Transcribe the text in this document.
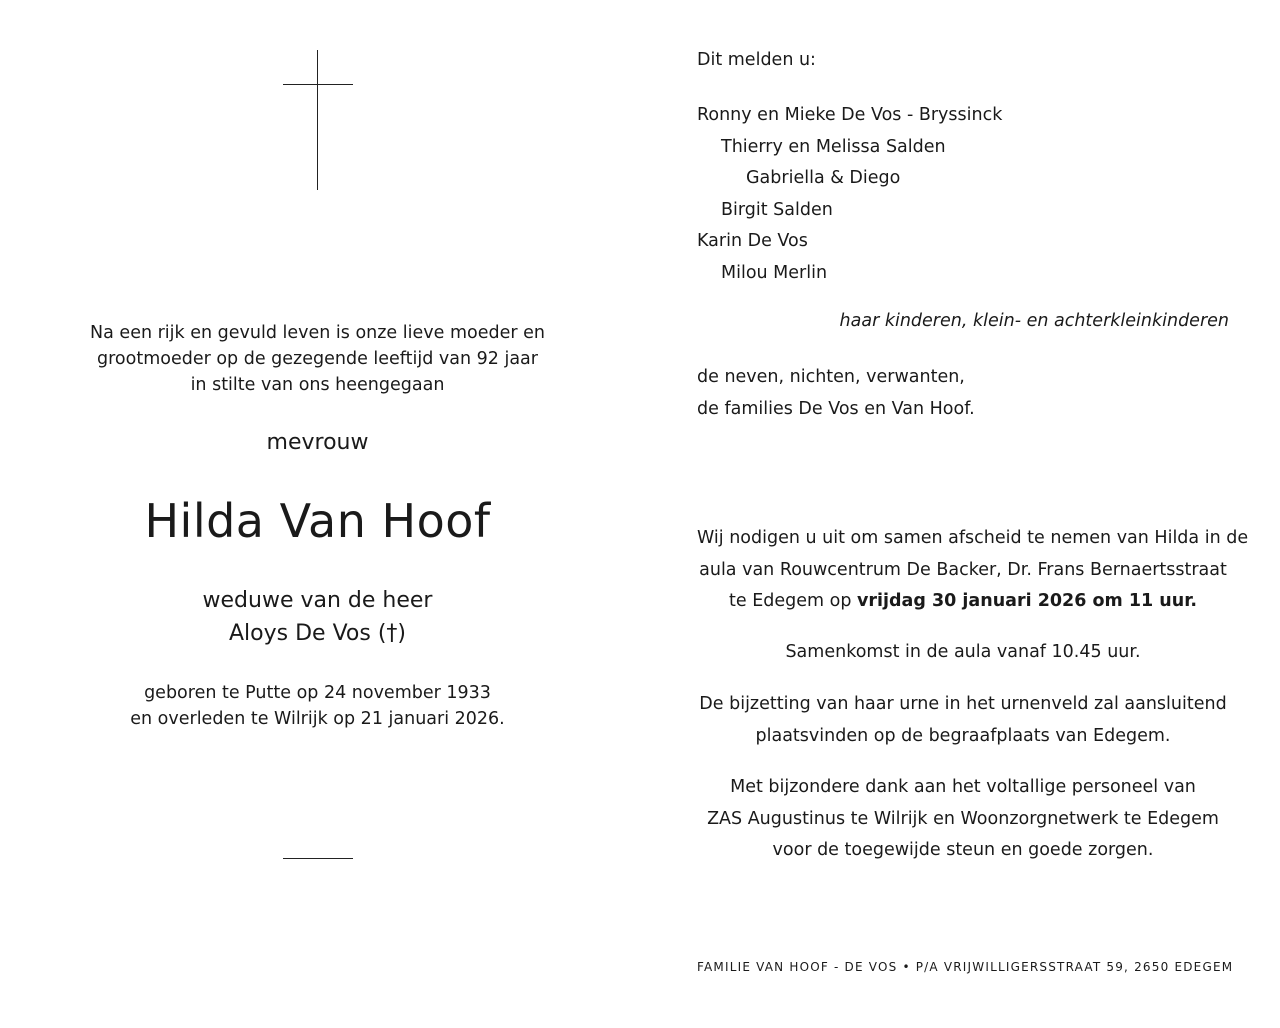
Na een rijk en gevuld leven is onze lieve moeder en
grootmoeder op de gezegende leeftijd van 92 jaar
in stilte van ons heengegaan
mevrouw
Hilda Van Hoof
weduwe van de heer
Aloys De Vos (†)
geboren te Putte op 24 november 1933
en overleden te Wilrijk op 21 januari 2026.
Dit melden u:
Ronny en Mieke De Vos - Bryssinck
Thierry en Melissa Salden
Gabriella & Diego
Birgit Salden
Karin De Vos
Milou Merlin
haar kinderen, klein- en achterkleinkinderen
de neven, nichten, verwanten,
de families De Vos en Van Hoof.
Wij nodigen u uit om samen afscheid te nemen van Hilda in de
aula van Rouwcentrum De Backer, Dr. Frans Bernaertsstraat
te Edegem op vrijdag 30 januari 2026 om 11 uur.
Samenkomst in de aula vanaf 10.45 uur.
De bijzetting van haar urne in het urnenveld zal aansluitend
plaatsvinden op de begraafplaats van Edegem.
Met bijzondere dank aan het voltallige personeel van
ZAS Augustinus te Wilrijk en Woonzorgnetwerk te Edegem
voor de toegewijde steun en goede zorgen.
FAMILIE VAN HOOF - DE VOS • P/A VRIJWILLIGERSSTRAAT 59, 2650 EDEGEM
